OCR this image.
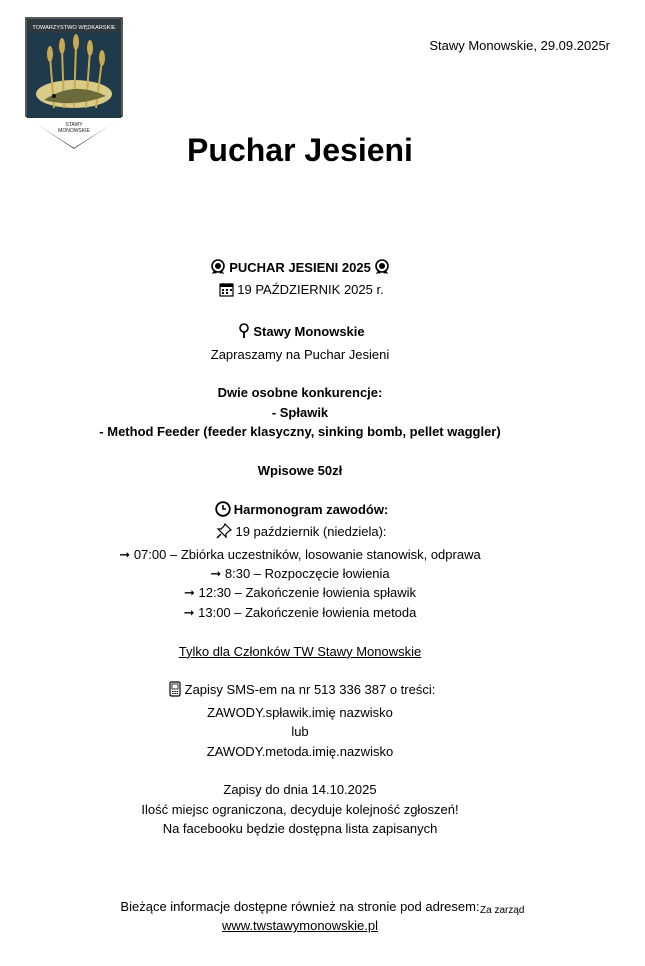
TOWARZYSTWO WĘDKARSKIE
STAWY
MONOWSKIE
Stawy Monowskie, 29.09.2025r
Puchar Jesieni
PUCHAR JESIENI 2025
19 PAŹDZIERNIK 2025 r.
Stawy Monowskie
Zapraszamy na Puchar Jesieni
Dwie osobne konkurencje:
- Spławik
- Method Feeder (feeder klasyczny, sinking bomb, pellet waggler)
Wpisowe 50zł
Harmonogram zawodów:
19 październik (niedziela):
➞ 07:00 – Zbiórka uczestników, losowanie stanowisk, odprawa
➞ 8:30 – Rozpoczęcie łowienia
➞ 12:30 – Zakończenie łowienia spławik
➞ 13:00 – Zakończenie łowienia metoda
Tylko dla Członków TW Stawy Monowskie
Zapisy SMS-em na nr 513 336 387 o treści:
ZAWODY.spławik.imię nazwisko
lub
ZAWODY.metoda.imię.nazwisko
Zapisy do dnia 14.10.2025
Ilość miejsc ograniczona, decyduje kolejność zgłoszeń!
Na facebooku będzie dostępna lista zapisanych
Bieżące informacje dostępne również na stronie pod adresem:
www.twstawymonowskie.pl
Za zarząd
